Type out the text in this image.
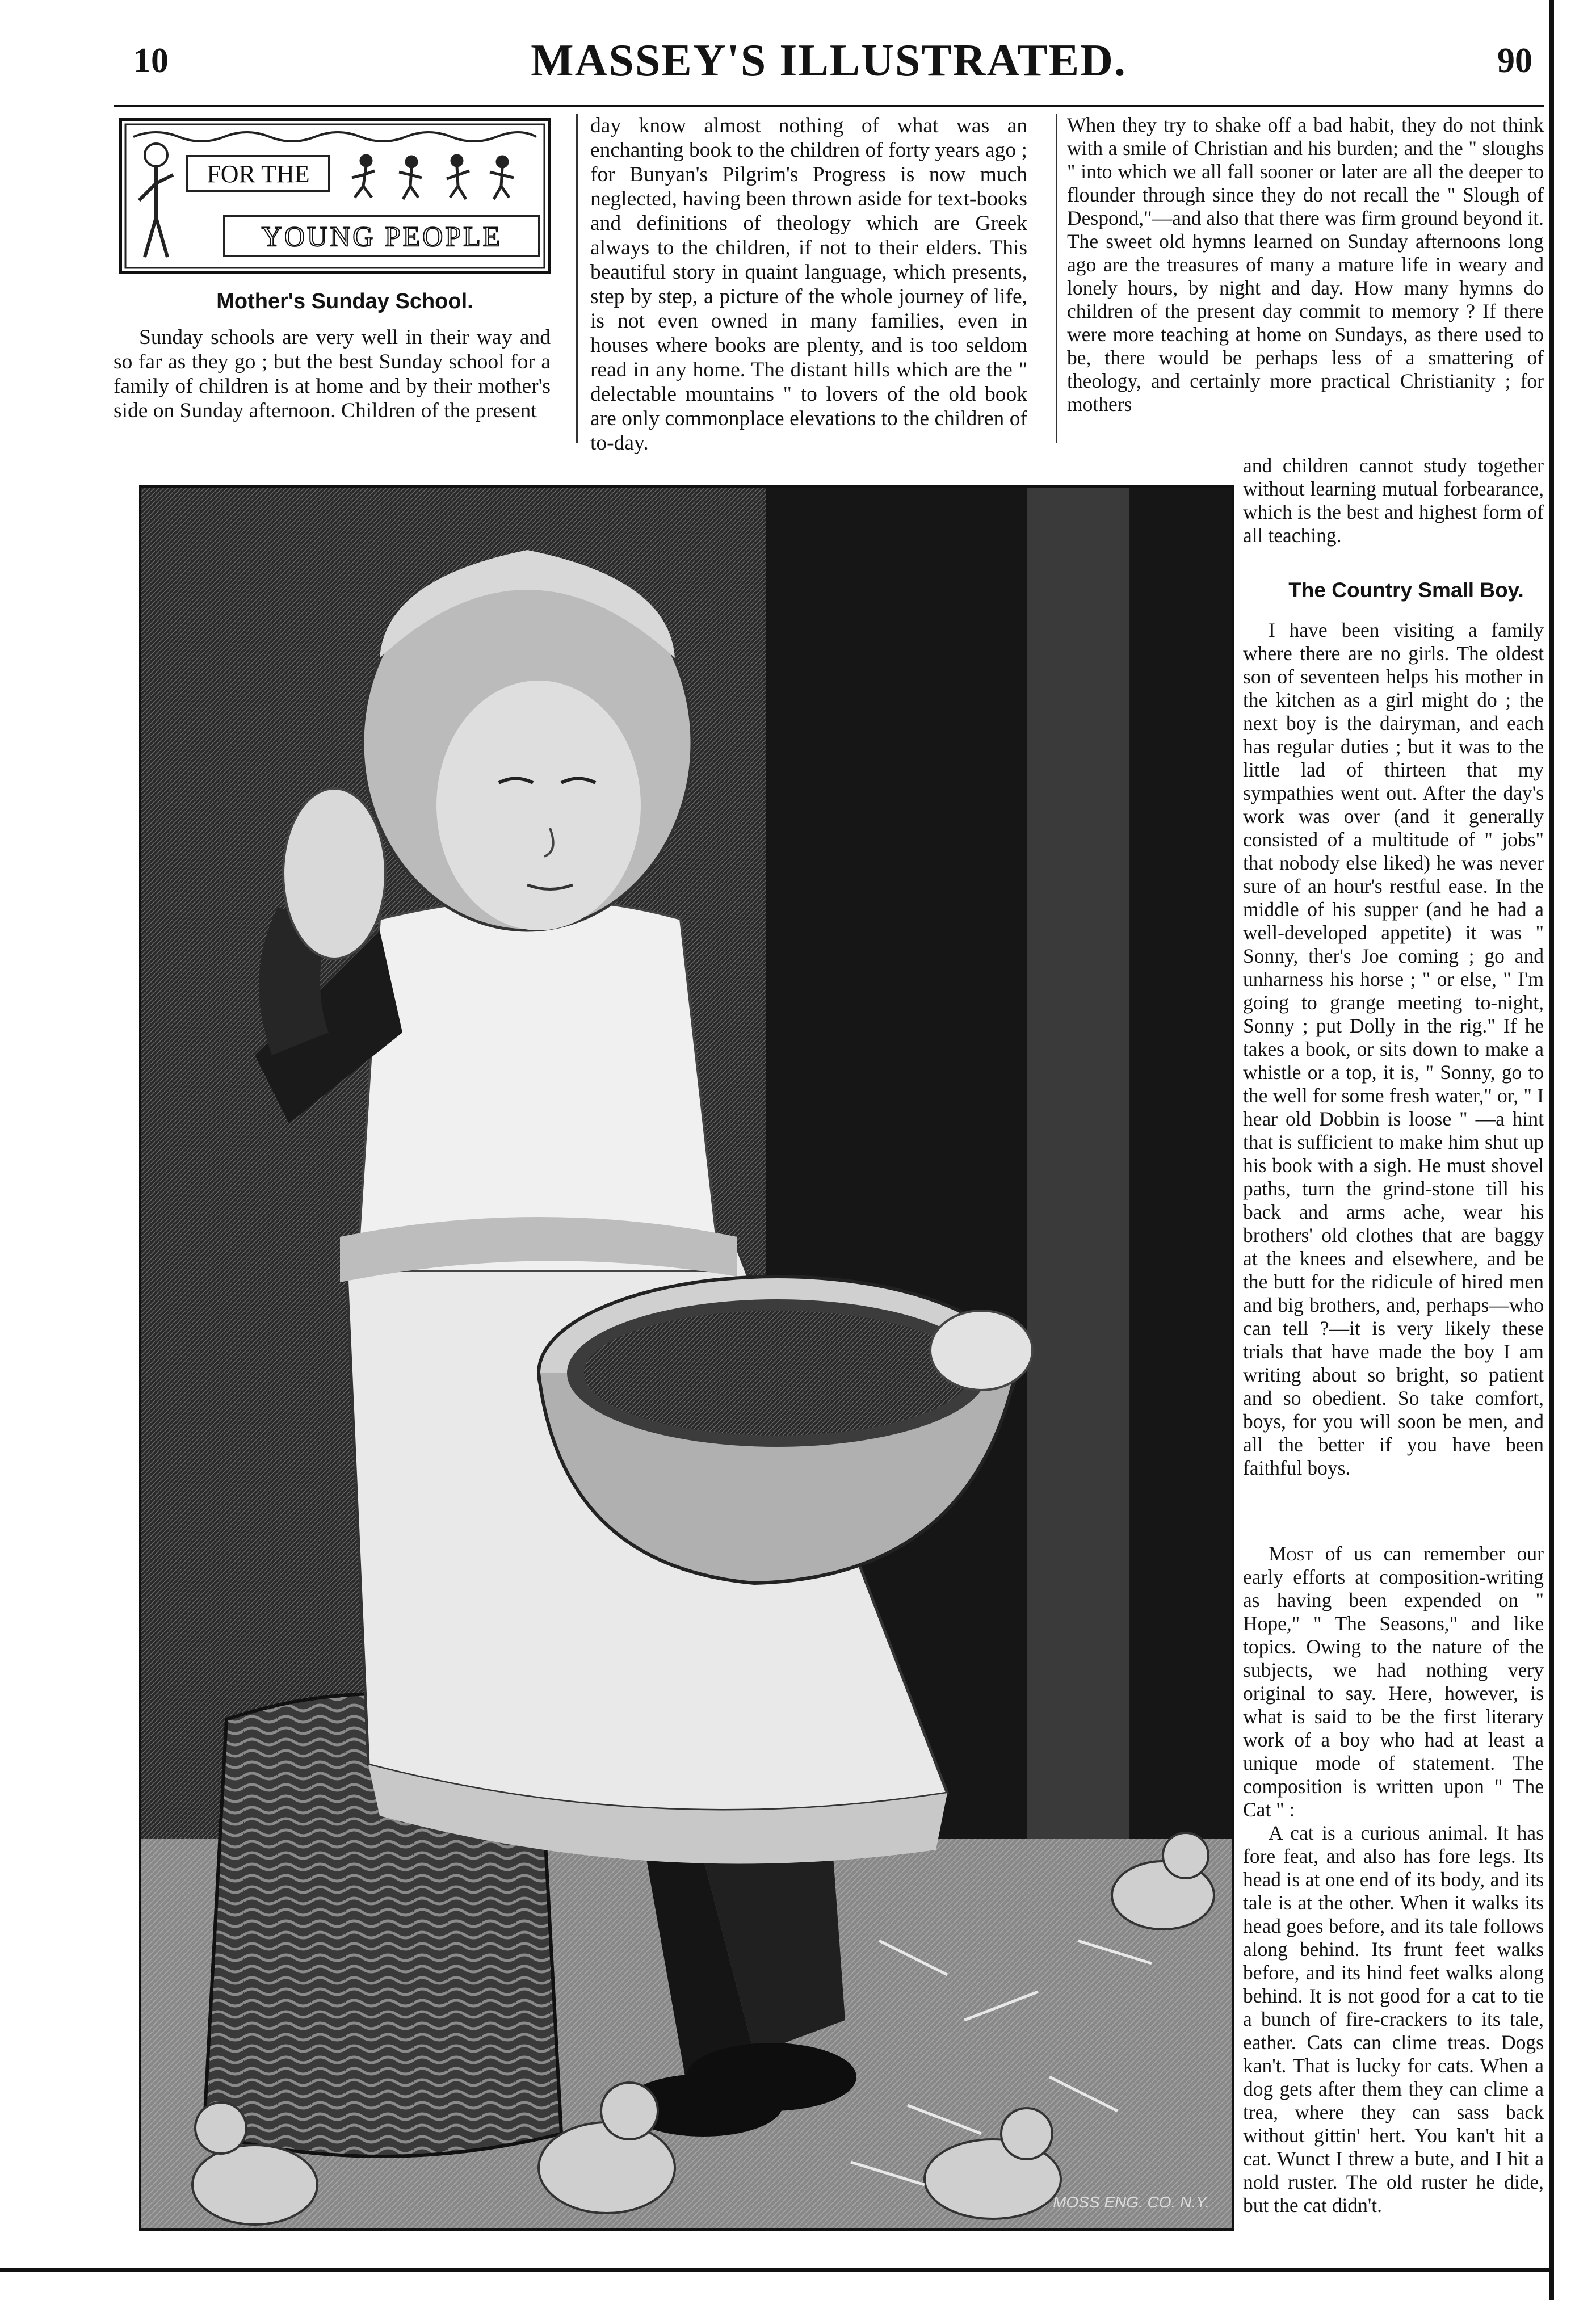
10	MASSEY'S ILLUSTRATED.	90
FOR THE
YOUNG PEOPLE

Mother's Sunday School.

Sunday schools are very well in their way and so far as they go ; but the best Sunday school for a family of children is at home and by their mother's side on Sunday afternoon. Children of the present

day know almost nothing of what was an enchanting book to the children of forty years ago ; for Bunyan's Pilgrim's Progress is now much neglected, having been thrown aside for text-books and definitions of theology which are Greek always to the children, if not to their elders. This beautiful story in quaint language, which presents, step by step, a picture of the whole journey of life, is not even owned in many families, even in houses where books are plenty, and is too seldom read in any home. The distant hills which are the " delectable mountains " to lovers of the old book are only commonplace elevations to the children of to-day.

When they try to shake off a bad habit, they do not think with a smile of Christian and his burden; and the " sloughs " into which we all fall sooner or later are all the deeper to flounder through since they do not recall the " Slough of Despond,"—and also that there was firm ground beyond it. The sweet old hymns learned on Sunday afternoons long ago are the treasures of many a mature life in weary and lonely hours, by night and day. How many hymns do children of the present day commit to memory ? If there were more teaching at home on Sundays, as there used to be, there would be perhaps less of a smattering of theology, and certainly more practical Christianity ; for mothers

and children cannot study together without learning mutual forbearance, which is the best and highest form of all teaching.

The Country Small Boy.

I have been visiting a family where there are no girls. The oldest son of seventeen helps his mother in the kitchen as a girl might do ; the next boy is the dairyman, and each has regular duties ; but it was to the little lad of thirteen that my sympathies went out. After the day's work was over (and it generally consisted of a multitude of " jobs" that nobody else liked) he was never sure of an hour's restful ease. In the middle of his supper (and he had a well-developed appetite) it was " Sonny, ther's Joe coming ; go and unharness his horse ; " or else, " I'm going to grange meeting to-night, Sonny ; put Dolly in the rig." If he takes a book, or sits down to make a whistle or a top, it is, " Sonny, go to the well for some fresh water," or, " I hear old Dobbin is loose " —a hint that is sufficient to make him shut up his book with a sigh. He must shovel paths, turn the grind-stone till his back and arms ache, wear his brothers' old clothes that are baggy at the knees and elsewhere, and be the butt for the ridicule of hired men and big brothers, and, perhaps—who can tell ?—it is very likely these trials that have made the boy I am writing about so bright, so patient and so obedient. So take comfort, boys, for you will soon be men, and all the better if you have been faithful boys.

Most of us can remember our early efforts at composition-writing as having been expended on " Hope," " The Seasons," and like topics. Owing to the nature of the subjects, we had nothing very original to say. Here, however, is what is said to be the first literary work of a boy who had at least a unique mode of statement. The composition is written upon " The Cat " :

A cat is a curious animal. It has fore feat, and also has fore legs. Its head is at one end of its body, and its tale is at the other. When it walks its head goes before, and its tale follows along behind. Its frunt feet walks before, and its hind feet walks along behind. It is not good for a cat to tie a bunch of fire-crackers to its tale, eather. Cats can clime treas. Dogs kan't. That is lucky for cats. When a dog gets after them they can clime a trea, where they can sass back without gittin' hert. You kan't hit a cat. Wunct I threw a bute, and I hit a nold ruster. The old ruster he dide, but the cat didn't.

MOSS ENG. CO. N.Y.
